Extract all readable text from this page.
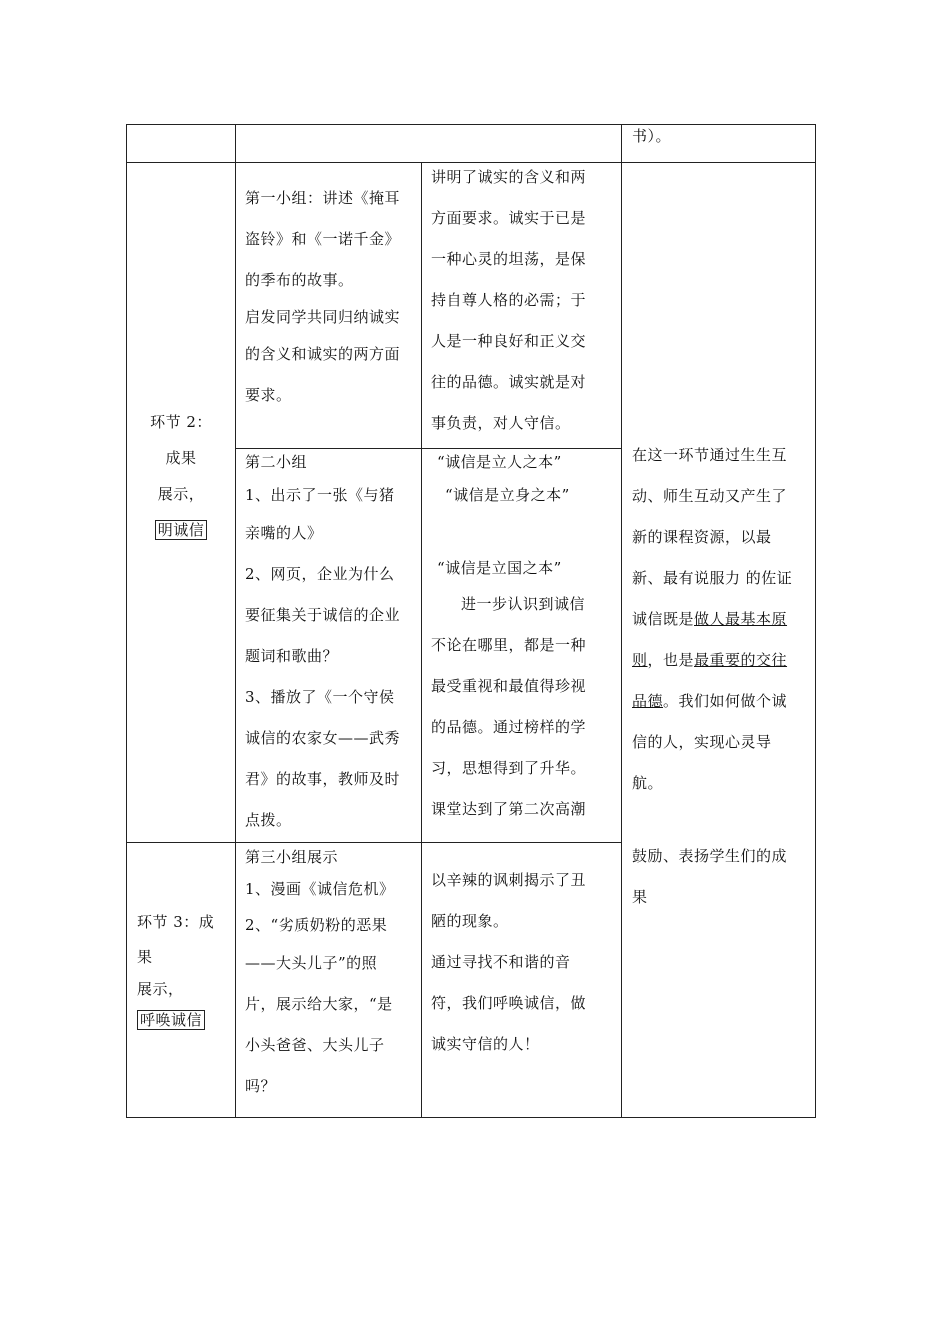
书）。

环节 2：

成果

展示，

明诚信

第一小组：讲述《掩耳

盗铃》和《一诺千金》

的季布的故事。

启发同学共同归纳诚实

的含义和诚实的两方面

要求。

讲明了诚实的含义和两

方面要求。诚实于已是

一种心灵的坦荡，是保

持自尊人格的必需；于

人是一种良好和正义交

往的品德。诚实就是对

事负责，对人守信。

第二小组

1、出示了一张《与猪

亲嘴的人》

2、网页，企业为什么

要征集关于诚信的企业

题词和歌曲？

3、播放了《一个守侯

诚信的农家女——武秀

君》的故事，教师及时

点拨。

“诚信是立人之本”

“诚信是立身之本”

“诚信是立国之本”

进一步认识到诚信

不论在哪里，都是一种

最受重视和最值得珍视

的品德。通过榜样的学

习，思想得到了升华。

课堂达到了第二次高潮

在这一环节通过生生互

动、师生互动又产生了

新的课程资源，以最

新、最有说服力 的佐证

诚信既是做人最基本原

则，也是最重要的交往

品德。我们如何做个诚

信的人，实现心灵导

航。

鼓励、表扬学生们的成

果

环节 3：成

果

展示，

呼唤诚信

第三小组展示

1、漫画《诚信危机》

2、“劣质奶粉的恶果

——大头儿子”的照

片，展示给大家，“是

小头爸爸、大头儿子

吗？

以辛辣的讽刺揭示了丑

陋的现象。

通过寻找不和谐的音

符，我们呼唤诚信，做

诚实守信的人！
